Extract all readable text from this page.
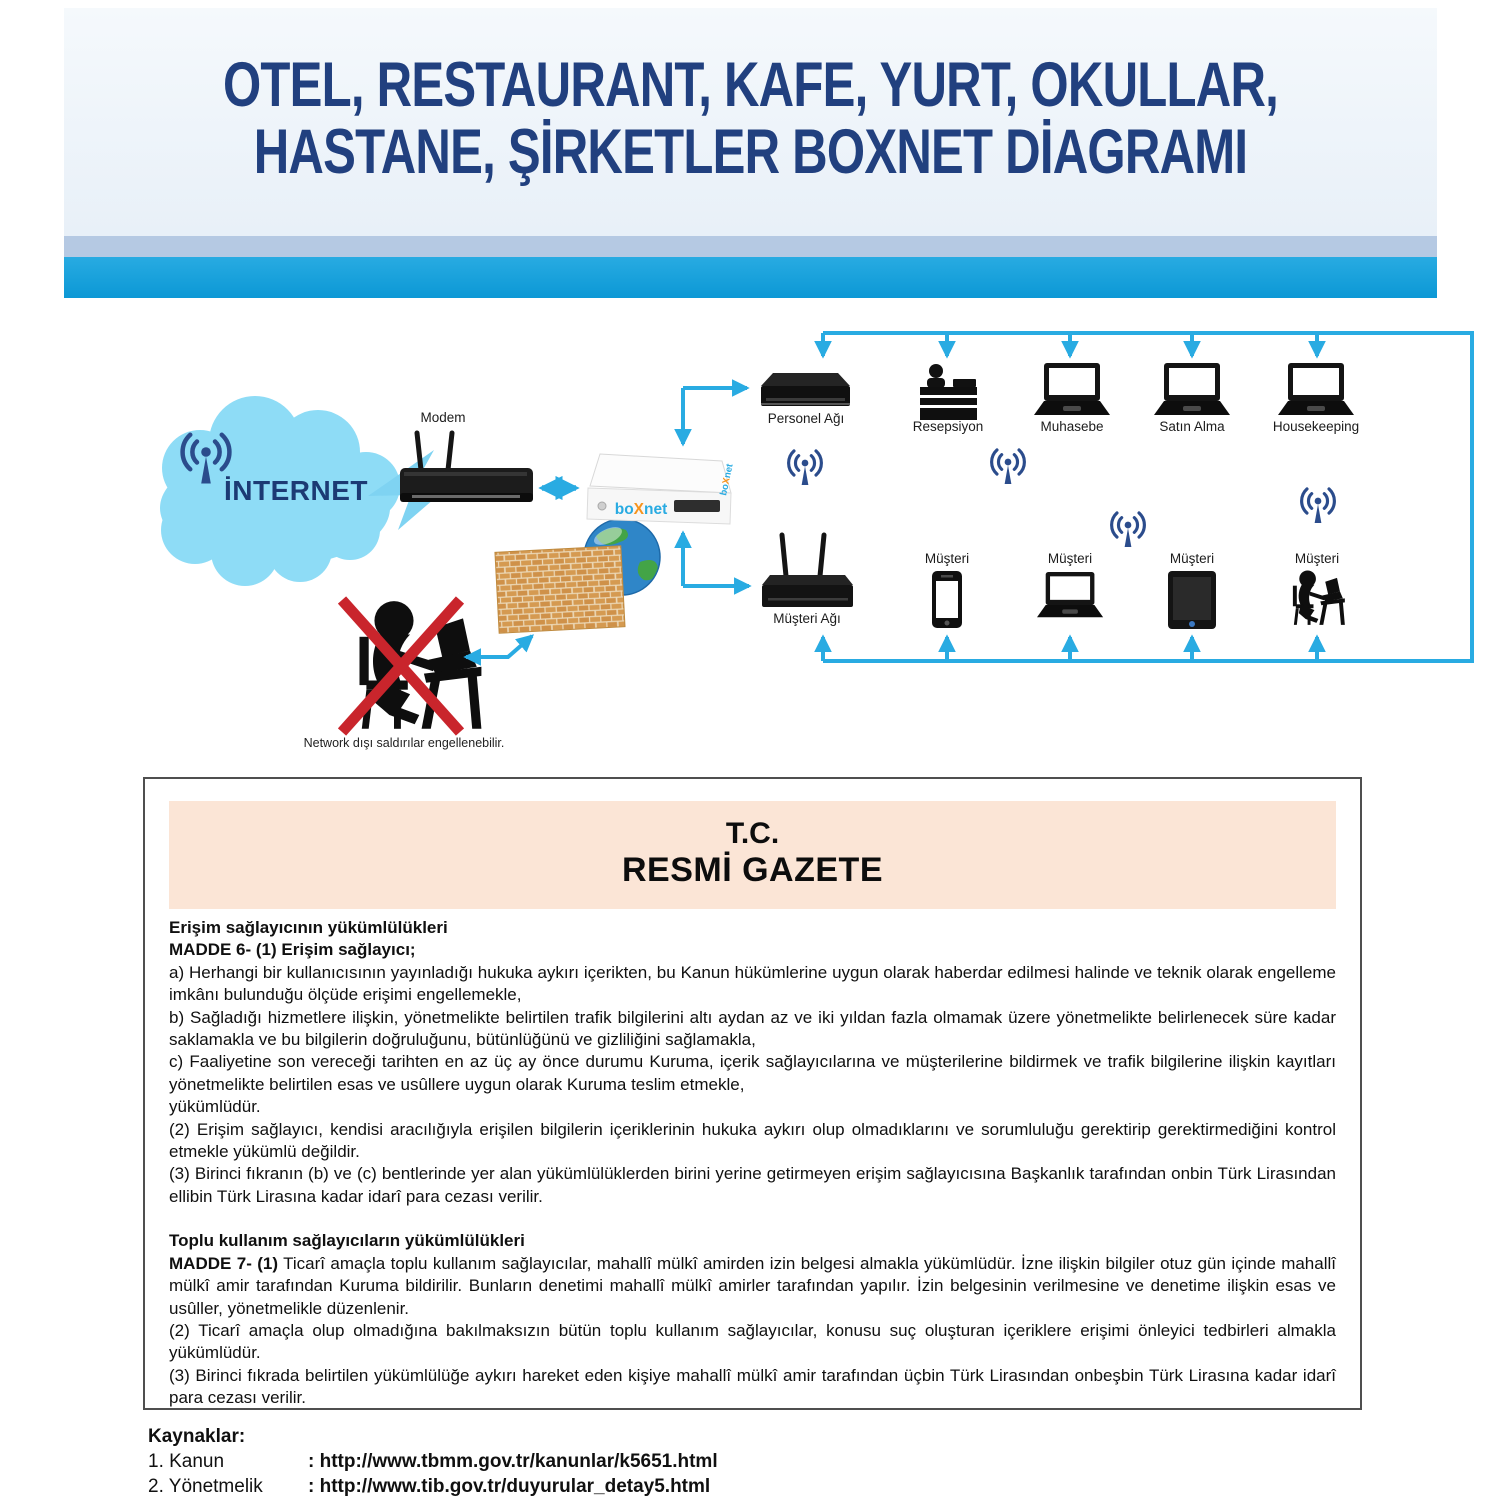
OTEL, RESTAURANT, KAFE, YURT, OKULLAR,
HASTANE, ŞİRKETLER BOXNET DİAGRAMI
İNTERNET
Modem
boXnet
boXnet
Personel Ağı
Müşteri Ağı
Resepsiyon	Muhasebe	Satın Alma	Housekeeping
Müşteri	Müşteri	Müşteri	Müşteri
Network dışı saldırılar engellenebilir.
T.C.
RESMİ GAZETE

Erişim sağlayıcının yükümlülükleri

MADDE 6- (1) Erişim sağlayıcı;

a) Herhangi bir kullanıcısının yayınladığı hukuka aykırı içerikten, bu Kanun hükümlerine uygun olarak haberdar edilmesi halinde ve teknik olarak engelleme imkânı bulunduğu ölçüde erişimi engellemekle,

b) Sağladığı hizmetlere ilişkin, yönetmelikte belirtilen trafik bilgilerini altı aydan az ve iki yıldan fazla olmamak üzere yönetmelikte belirlenecek süre kadar saklamakla ve bu bilgilerin doğruluğunu, bütünlüğünü ve gizliliğini sağlamakla,

c) Faaliyetine son vereceği tarihten en az üç ay önce durumu Kuruma, içerik sağlayıcılarına ve müşterilerine bildirmek ve trafik bilgilerine ilişkin kayıtları yönetmelikte belirtilen esas ve usûllere uygun olarak Kuruma teslim etmekle,

yükümlüdür.

(2) Erişim sağlayıcı, kendisi aracılığıyla erişilen bilgilerin içeriklerinin hukuka aykırı olup olmadıklarını ve sorumluluğu gerektirip gerektirmediğini kontrol etmekle yükümlü değildir.

(3) Birinci fıkranın (b) ve (c) bentlerinde yer alan yükümlülüklerden birini yerine getirmeyen erişim sağlayıcısına Başkanlık tarafından onbin Türk Lirasından ellibin Türk Lirasına kadar idarî para cezası verilir.

Toplu kullanım sağlayıcıların yükümlülükleri

MADDE 7- (1) Ticarî amaçla toplu kullanım sağlayıcılar, mahallî mülkî amirden izin belgesi almakla yükümlüdür. İzne ilişkin bilgiler otuz gün içinde mahallî mülkî amir tarafından Kuruma bildirilir. Bunların denetimi mahallî mülkî amirler tarafından yapılır. İzin belgesinin verilmesine ve denetime ilişkin esas ve usûller, yönetmelikle düzenlenir.

(2) Ticarî amaçla olup olmadığına bakılmaksızın bütün toplu kullanım sağlayıcılar, konusu suç oluşturan içeriklere erişimi önleyici tedbirleri almakla yükümlüdür.

(3) Birinci fıkrada belirtilen yükümlülüğe aykırı hareket eden kişiye mahallî mülkî amir tarafından üçbin Türk Lirasından onbeşbin Türk Lirasına kadar idarî para cezası verilir.

Kaynaklar:
1. Kanun	: http://www.tbmm.gov.tr/kanunlar/k5651.html
2. Yönetmelik	: http://www.tib.gov.tr/duyurular_detay5.html
